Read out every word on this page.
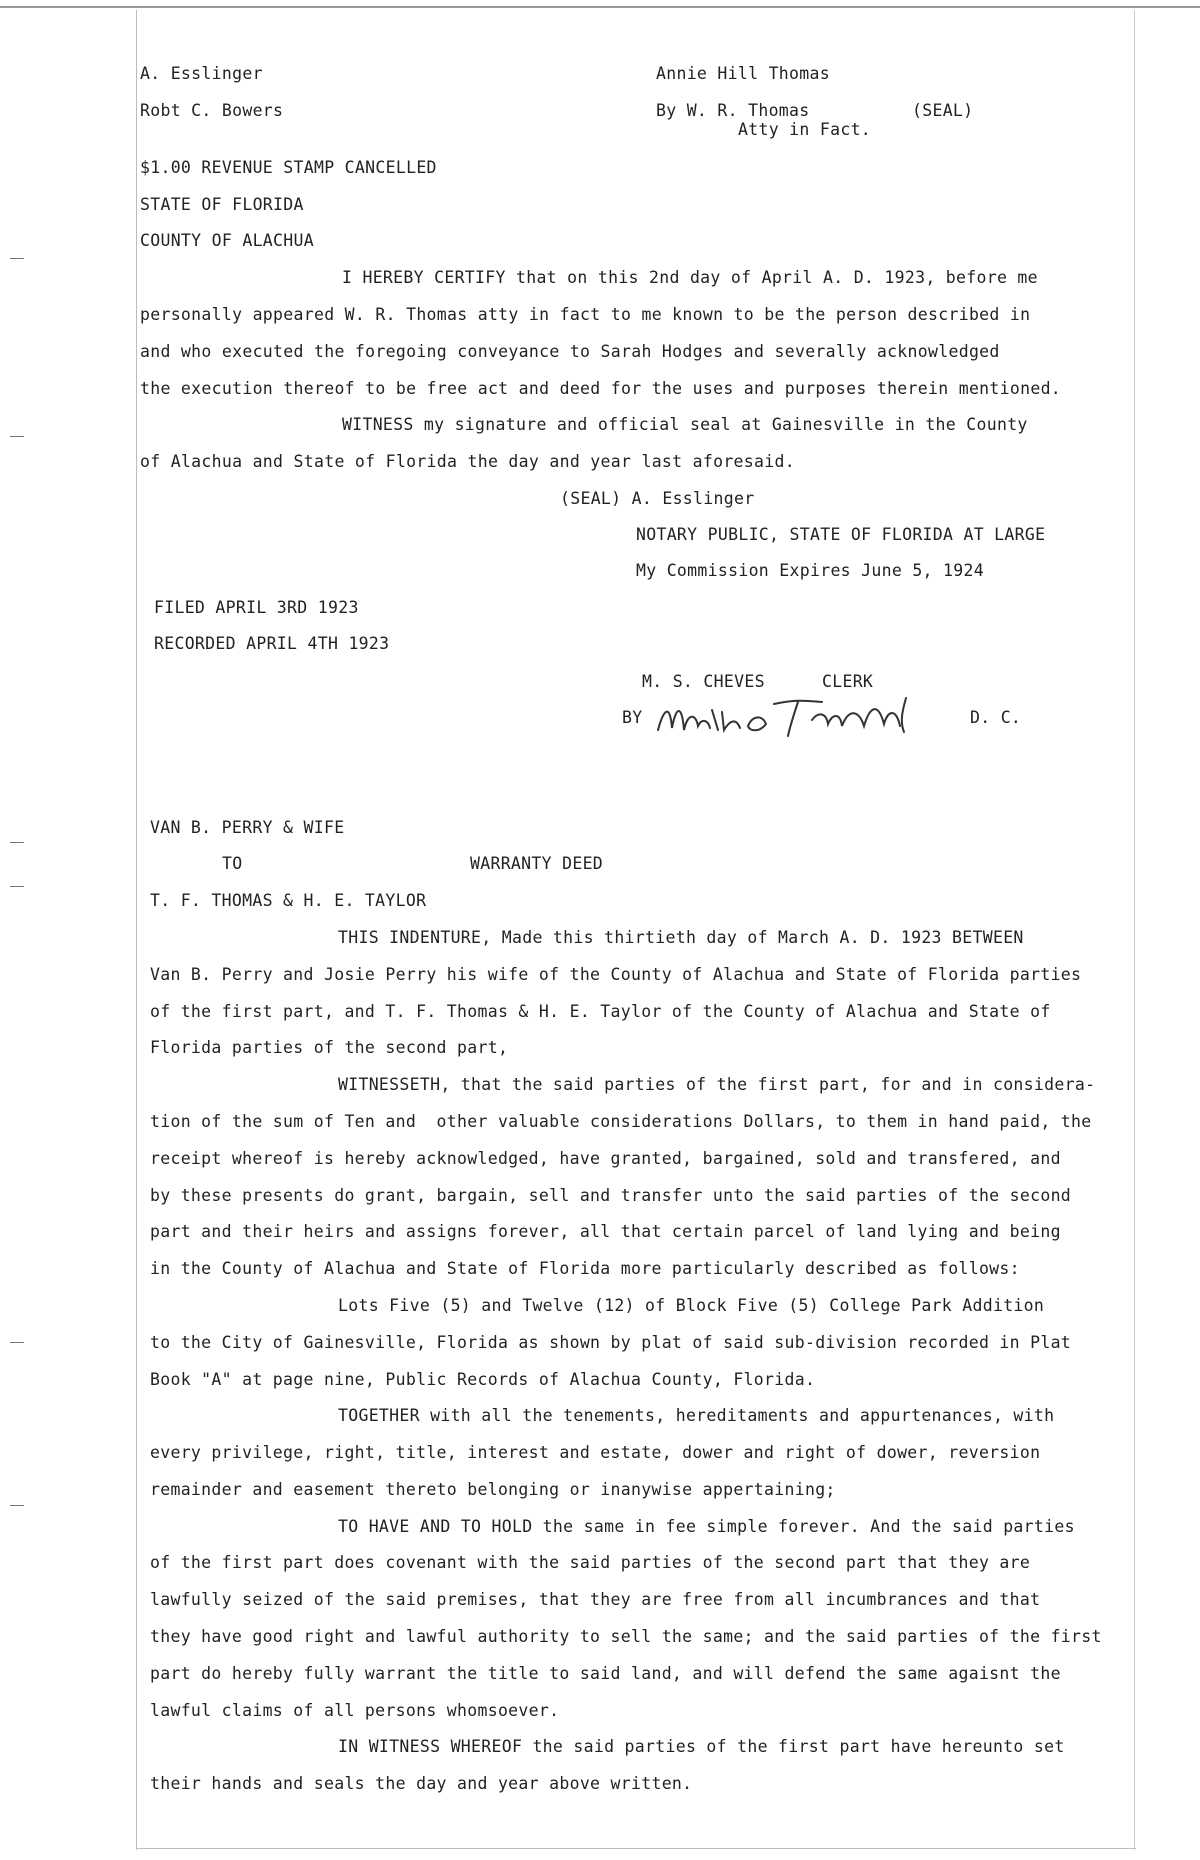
A. Esslinger
Robt C. Bowers
Annie Hill Thomas
By W. R. Thomas	(SEAL)
Atty in Fact.
$1.00 REVENUE STAMP CANCELLED
STATE OF FLORIDA
COUNTY OF ALACHUA
I HEREBY CERTIFY that on this 2nd day of April A. D. 1923, before me
personally appeared W. R. Thomas atty in fact to me known to be the person described in
and who executed the foregoing conveyance to Sarah Hodges and severally acknowledged
the execution thereof to be free act and deed for the uses and purposes therein mentioned.
WITNESS my signature and official seal at Gainesville in the County
of Alachua and State of Florida the day and year last aforesaid.
(SEAL) A. Esslinger
NOTARY PUBLIC, STATE OF FLORIDA AT LARGE
My Commission Expires June 5, 1924
FILED APRIL 3RD 1923
RECORDED APRIL 4TH 1923
M. S. CHEVES	CLERK
BY	D. C.
VAN B. PERRY & WIFE
TO	WARRANTY DEED
T. F. THOMAS & H. E. TAYLOR
THIS INDENTURE, Made this thirtieth day of March A. D. 1923 BETWEEN
Van B. Perry and Josie Perry his wife of the County of Alachua and State of Florida parties
of the first part, and T. F. Thomas & H. E. Taylor of the County of Alachua and State of
Florida parties of the second part,
WITNESSETH, that the said parties of the first part, for and in considera-
tion of the sum of Ten and  other valuable considerations Dollars, to them in hand paid, the
receipt whereof is hereby acknowledged, have granted, bargained, sold and transfered, and
by these presents do grant, bargain, sell and transfer unto the said parties of the second
part and their heirs and assigns forever, all that certain parcel of land lying and being
in the County of Alachua and State of Florida more particularly described as follows:
Lots Five (5) and Twelve (12) of Block Five (5) College Park Addition
to the City of Gainesville, Florida as shown by plat of said sub-division recorded in Plat
Book "A" at page nine, Public Records of Alachua County, Florida.
TOGETHER with all the tenements, hereditaments and appurtenances, with
every privilege, right, title, interest and estate, dower and right of dower, reversion
remainder and easement thereto belonging or inanywise appertaining;
TO HAVE AND TO HOLD the same in fee simple forever. And the said parties
of the first part does covenant with the said parties of the second part that they are
lawfully seized of the said premises, that they are free from all incumbrances and that
they have good right and lawful authority to sell the same; and the said parties of the first
part do hereby fully warrant the title to said land, and will defend the same agaisnt the
lawful claims of all persons whomsoever.
IN WITNESS WHEREOF the said parties of the first part have hereunto set
their hands and seals the day and year above written.
